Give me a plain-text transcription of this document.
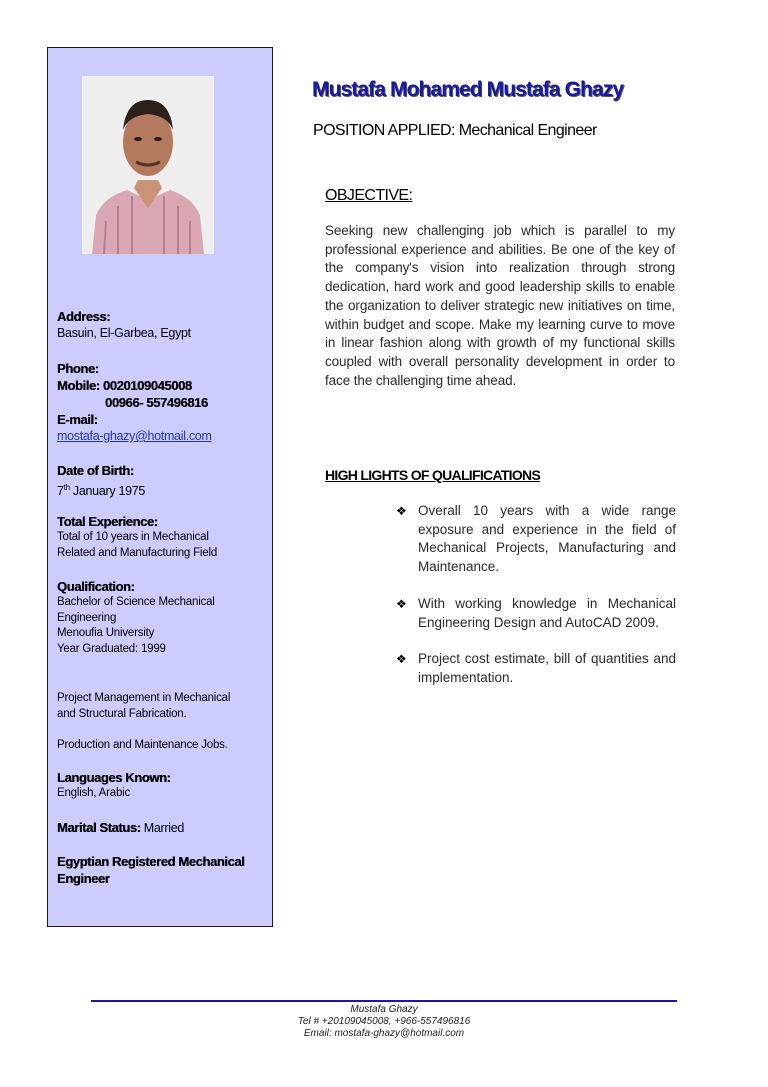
Address:
Basuin, El-Garbea, Egypt
Phone:
Mobile: 0020109045008
00966- 557496816
E-mail:
mostafa-ghazy@hotmail.com
Date of Birth:
7th January 1975
Total Experience:
Total of 10 years in Mechanical
Related and Manufacturing Field
Qualification:
Bachelor of Science Mechanical
Engineering
Menoufia University
Year Graduated: 1999
Project Management in Mechanical
and Structural Fabrication.
Production and Maintenance Jobs.
Languages Known:
English, Arabic
Marital Status: Married
Egyptian Registered Mechanical
Engineer
Mustafa Mohamed Mustafa Ghazy
POSITION APPLIED: Mechanical Engineer
OBJECTIVE:
Seeking new challenging job which is parallel to my professional experience and abilities. Be one of the key of the company's vision into realization through strong dedication, hard work and good leadership skills to enable the organization to deliver strategic new initiatives on time, within budget and scope. Make my learning curve to move in linear fashion along with growth of my functional skills coupled with overall personality development in order to face the challenging time ahead.
HIGH LIGHTS OF QUALIFICATIONS
❖ Overall 10 years with a wide range exposure and experience in the field of Mechanical Projects, Manufacturing and Maintenance.
❖ With working knowledge in Mechanical Engineering Design and AutoCAD 2009.
❖ Project cost estimate, bill of quantities and implementation.
Mustafa Ghazy
Tel # +20109045008, +966-557496816
Email: mostafa-ghazy@hotmail.com
